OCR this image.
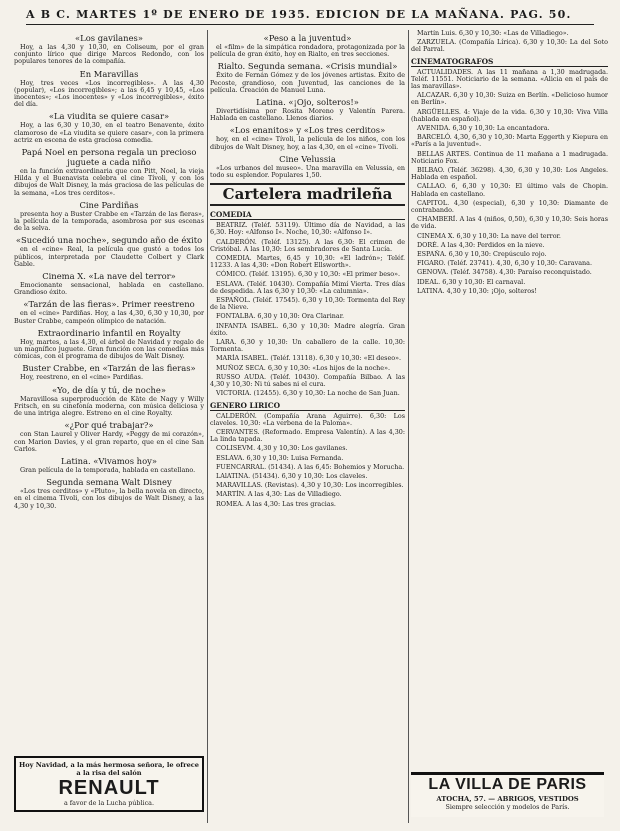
A B C. MARTES 1º DE ENERO DE 1935. EDICION DE LA MAÑANA. PAG. 50.
«Los gavilanes»
Hoy, a las 4,30 y 10,30, en Coliseum, por el gran conjunto lírico que dirige Marcos Redondo, con los populares tenores de la compañía.
En Maravillas
Hoy, tres veces «Los incorregibles». A las 4,30 (popular), «Los incorregibles»; a las 6,45 y 10,45, «Los inocentes»; «Los inocentes» y «Los incorregibles», éxito del día.
«La viudita se quiere casar»
Hoy, a las 6,30 y 10,30, en el teatro Benavente, éxito clamoroso de «La viudita se quiere casar», con la primera actriz en escena de esta graciosa comedia.
Papá Noel en persona regala un precioso juguete a cada niño
en la función extraordinaria que con Pitt, Noel, la vieja Hilda y el Buenavista celebra el cine Tívoli, y con los dibujos de Walt Disney, la más graciosa de las películas de la semana, «Los tres cerditos».
Cine Pardiñas
presenta hoy a Buster Crabbe en «Tarzán de las fieras», la película de la temporada, asombrosa por sus escenas de la selva.
«Sucedió una noche», segundo año de éxito
en el «cine» Real, la película que gustó a todos los públicos, interpretada por Claudette Colbert y Clark Gable.
Cinema X. «La nave del terror»
Emocionante sensacional, hablada en castellano. Grandioso éxito.
«Tarzán de las fieras». Primer reestreno
en el «cine» Pardiñas. Hoy, a las 4,30, 6,30 y 10,30, por Buster Crabbe, campeón olímpico de natación.
Extraordinario infantil en Royalty
Hoy, martes, a las 4,30, el árbol de Navidad y regalo de un magnífico juguete. Gran función con las comedias más cómicas, con el programa de dibujos de Walt Disney.
Buster Crabbe, en «Tarzán de las fieras»
Hoy, reestreno, en el «cine» Pardiñas.
«Yo, de día y tú, de noche»
Maravillosa superproducción de Käte de Nagy y Willy Fritsch, en su cinefonía moderna, con música deliciosa y de una intriga alegre. Estreno en el cine Royalty.
«¿Por qué trabajar?»
con Stan Laurel y Oliver Hardy, «Peggy de mi corazón», con Marion Davies, y el gran reparto, que en el cine San Carlos.
Latina. «Vivamos hoy»
Gran película de la temporada, hablada en castellano.
Segunda semana Walt Disney
«Los tres cerditos» y «Pluto», la bella novela en directo, en el cinema Tívoli, con los dibujos de Walt Disney, a las 4,30 y 10,30.
«Peso a la juventud»
el «film» de la simpática rondadora, protagonizada por la película de gran éxito, hoy en Rialto, en tres secciones.
Rialto. Segunda semana. «Crisis mundial»
Éxito de Fernán Gómez y de los jóvenes artistas. Éxito de Pecoste, grandioso, con Juventud, las canciones de la película. Creación de Manuel Luna.
Latina. «¡Ojo, solteros!»
Divertidísima por Rosita Moreno y Valentín Parera. Hablada en castellano. Llenos diarios.
«Los enanitos» y «Los tres cerditos»
hoy, en el «cine» Tívoli, la película de los niños, con los dibujos de Walt Disney, hoy, a las 4,30, en el «cine» Tívoli.
Cine Velussia
«Los urbanos del museo». Una maravilla en Velussia, en todo su esplendor. Populares 1,50.
Cartelera madrileña
COMEDIA
BEATRIZ. (Teléf. 53119). Último día de Navidad, a las 6,30. Hoy: «Alfonso I». Noche, 10,30: «Alfonso I».
CALDERÓN. (Teléf. 13125). A las 6,30: El crimen de Cristóbal. A las 10,30: Los sembradores de Santa Lucía.
COMEDIA. Martes, 6,45 y 10,30: «El ladrón»; Teléf. 11233. A las 4,30: «Don Robert Ellsworth».
CÓMICO. (Teléf. 13195). 6,30 y 10,30: «El primer beso».
ESLAVA. (Teléf. 10430). Compañía Mimí Vierta. Tres días de despedida. A las 6,30 y 10,30: «La calumnia».
ESPAÑOL. (Teléf. 17545). 6,30 y 10,30: Tormenta del Rey de la Nieve.
FONTALBA. 6,30 y 10,30: Ora Clarinar.
INFANTA ISABEL. 6,30 y 10,30: Madre alegría. Gran éxito.
LARA. 6,30 y 10,30: Un caballero de la calle. 10,30: Tormenta.
MARÍA ISABEL. (Teléf. 13118). 6,30 y 10,30: «El deseo».
MUÑOZ SECA. 6,30 y 10,30: «Los hijos de la noche».
RUSSO AUDA. (Teléf. 10430). Compañía Bilbao. A las 4,30 y 10,30: Ni tú sabes ni el cura.
VICTORIA. (12455). 6,30 y 10,30: La noche de San Juan.
GENERO LIRICO
CALDERÓN. (Compañía Arana Aguirre). 6,30: Los claveles. 10,30: «La verbena de la Paloma».
CERVANTES. (Reformado. Empresa Valentín). A las 4,30: La linda tapada.
COLISEVM. 4,30 y 10,30: Los gavilanes.
ESLAVA. 6,30 y 10,30: Luisa Fernanda.
FUENCARRAL. (51434). A las 6,45: Bohemios y Morucha.
LAlATINA. (51434). 6,30 y 10,30: Los claveles.
MARAVILLAS. (Revistas). 4,30 y 10,30: Los incorregibles.
MARTÍN. A las 4,30: Las de Villadiego.
ROMEA. A las 4,30: Las tres gracias.
Martín Luis. 6,30 y 10,30: «Las de Villadiego».
ZARZUELA. (Compañía Lírica). 6,30 y 10,30: La del Soto del Parral.
CINEMATOGRAFOS
ACTUALIDADES. A las 11 mañana a 1,30 madrugada. Teléf. 11551. Noticiario de la semana. «Alicia en el país de las maravillas».
ALCAZAR. 6,30 y 10,30: Suiza en Berlín. «Delicioso humor en Berlín».
ARGÜELLES. 4: Viaje de la vida. 6,30 y 10,30: Viva Villa (hablada en español).
AVENIDA. 6,30 y 10,30: La encantadora.
BARCELÓ. 4,30, 6,30 y 10,30: Marta Eggerth y Kiepura en «París a la juventud».
BELLAS ARTES. Continua de 11 mañana a 1 madrugada. Noticiario Fox.
BILBAO. (Teléf. 36298). 4,30, 6,30 y 10,30: Los Angeles. Hablada en español.
CALLAO. 6, 6,30 y 10,30: El último vals de Chopin. Hablada en castellano.
CAPITOL. 4,30 (especial), 6,30 y 10,30: Diamante de contrabando.
CHAMBERÍ. A las 4 (niños, 0,50), 6,30 y 10,30: Seis horas de vida.
CINEMA X. 6,30 y 10,30: La nave del terror.
DORÉ. A las 4,30: Perdidos en la nieve.
ESPAÑA. 6,30 y 10,30: Crepúsculo rojo.
FIGARO. (Teléf. 23741). 4,30, 6,30 y 10,30: Caravana.
GENOVA. (Teléf. 34758). 4,30: Paraíso reconquistado.
IDEAL. 6,30 y 10,30: El carnaval.
LATINA. 4,30 y 10,30: ¡Ojo, solteros!
Hoy Navidad, a la más hermosa señora, le ofrece a la risa del salón
RENAULT
a favor de la Lucha pública.
LA VILLA DE PARIS
ATOCHA, 57. — ABRIGOS, VESTIDOS
Siempre selección y modelos de París.
